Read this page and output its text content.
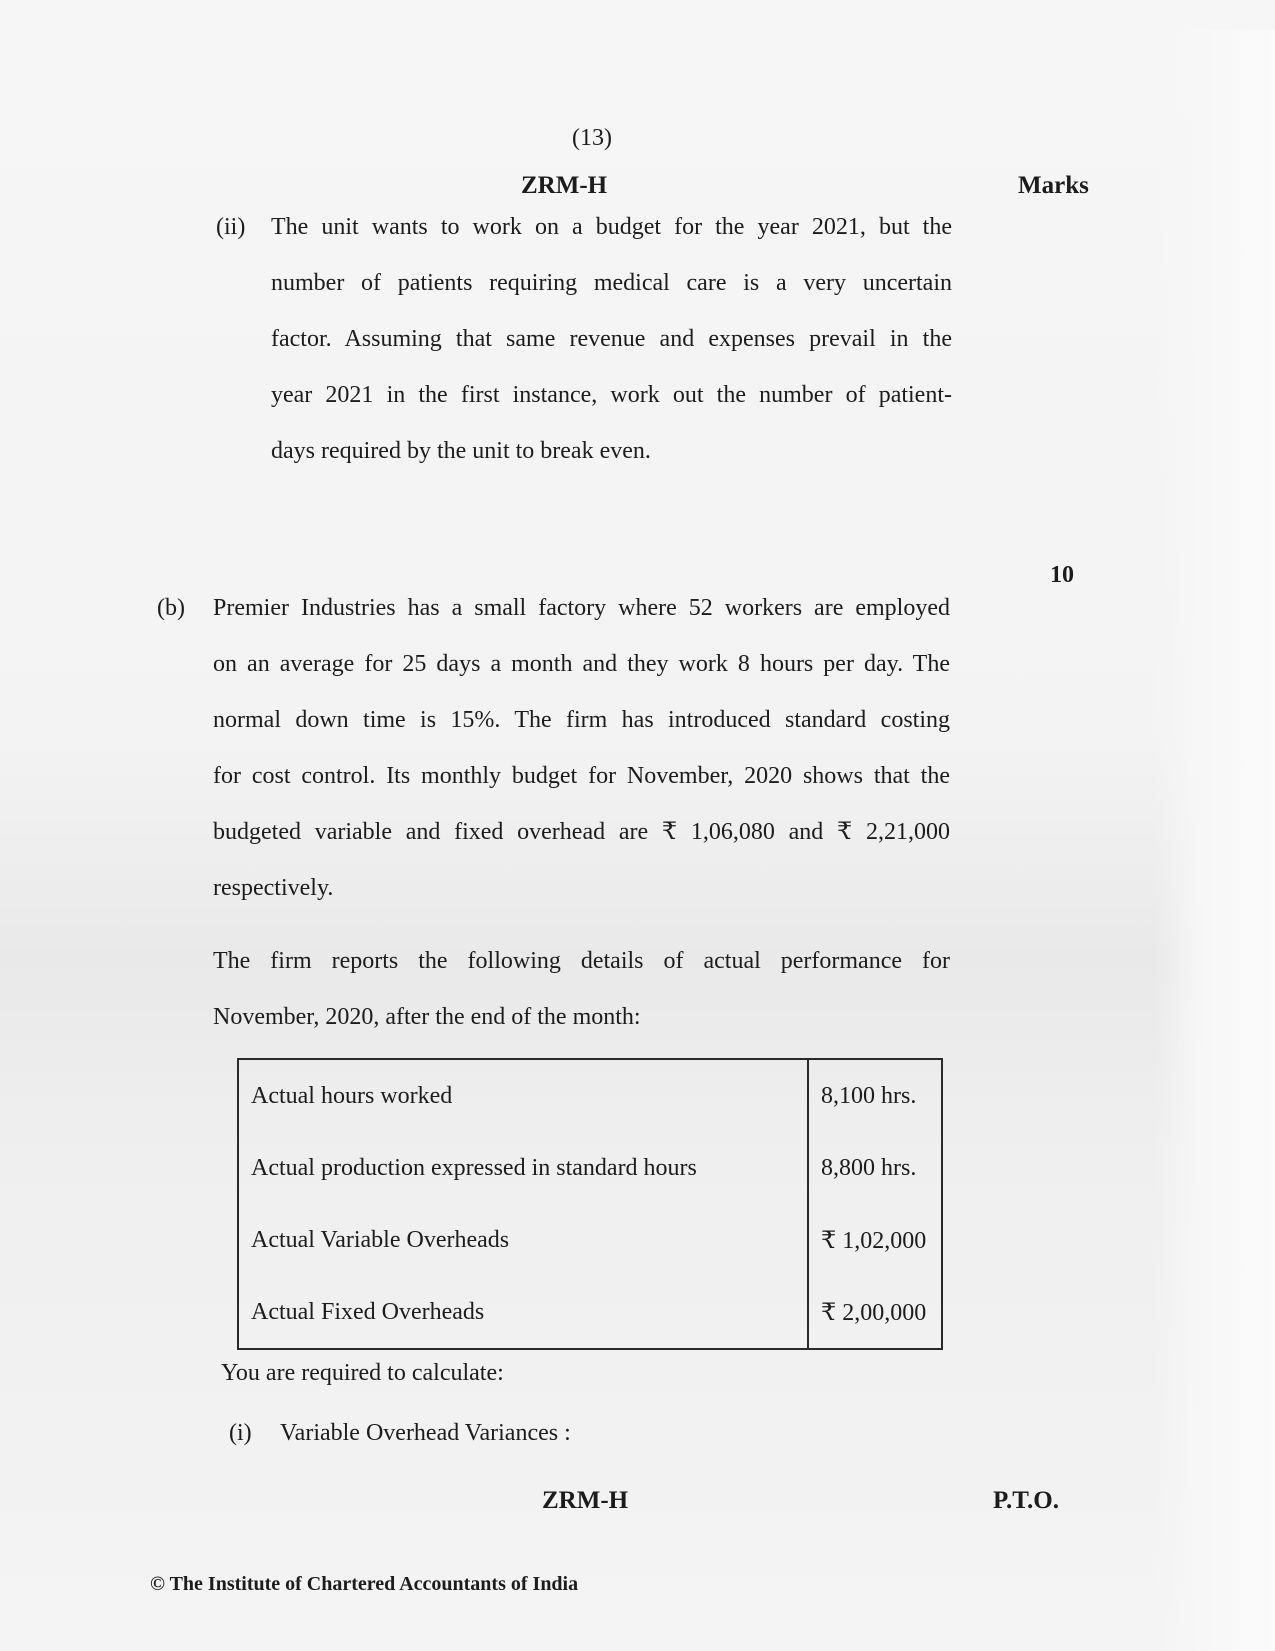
(13)
ZRM-H	Marks
(ii) The unit wants to work on a budget for the year 2021, but the
number of patients requiring medical care is a very uncertain
factor. Assuming that same revenue and expenses prevail in the
year 2021 in the first instance, work out the number of patient-
days required by the unit to break even.
(b)
10
Premier Industries has a small factory where 52 workers are employed
on an average for 25 days a month and they work 8 hours per day. The
normal down time is 15%. The firm has introduced standard costing
for cost control. Its monthly budget for November, 2020 shows that the
budgeted variable and fixed overhead are ₹ 1,06,080 and ₹ 2,21,000
respectively.
The firm reports the following details of actual performance for
November, 2020, after the end of the month:
Actual hours worked	8,100 hrs.
Actual production expressed in standard hours	8,800 hrs.
Actual Variable Overheads	₹ 1,02,000
Actual Fixed Overheads	₹ 2,00,000
You are required to calculate:
(i) Variable Overhead Variances :
ZRM-H	P.T.O.
© The Institute of Chartered Accountants of India
